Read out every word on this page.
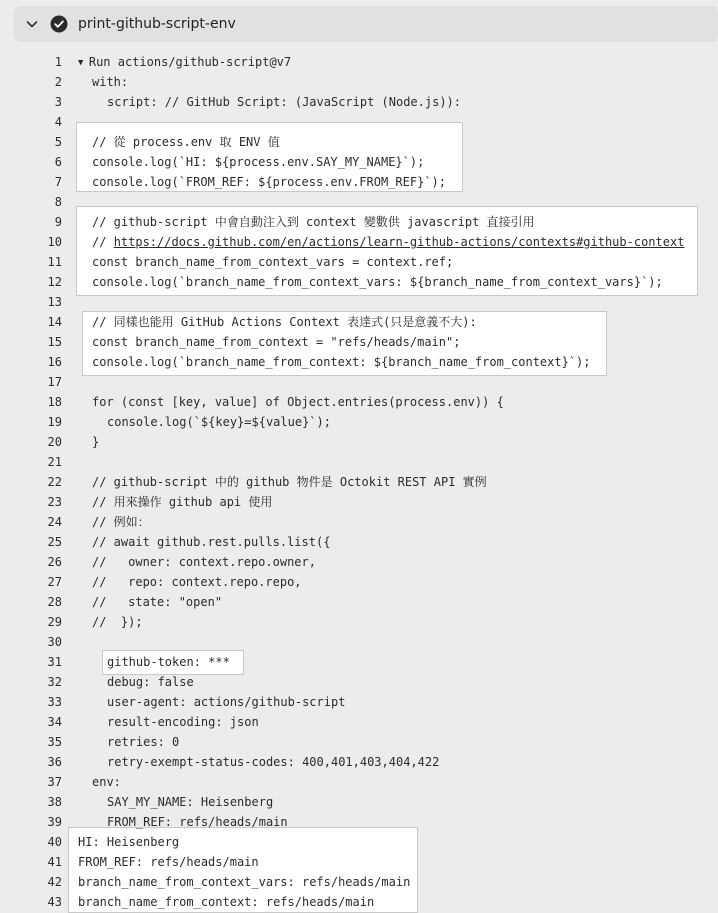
print-github-script-env
1 ▼ Run actions/github-script@v7
2	with:
3	script: // GitHub Script: (JavaScript (Node.js)):
4
5	// 從 process.env 取 ENV 值
6	console.log(`HI: ${process.env.SAY_MY_NAME}`);
7	console.log(`FROM_REF: ${process.env.FROM_REF}`);
8
9	// github-script 中會自動注入到 context 變數供 javascript 直接引用
10	// https://docs.github.com/en/actions/learn-github-actions/contexts#github-context
11	const branch_name_from_context_vars = context.ref;
12	console.log(`branch_name_from_context_vars: ${branch_name_from_context_vars}`);
13
14	// 同樣也能用 GitHub Actions Context 表達式(只是意義不大):
15	const branch_name_from_context = "refs/heads/main";
16	console.log(`branch_name_from_context: ${branch_name_from_context}`);
17
18	for (const [key, value] of Object.entries(process.env)) {
19	console.log(`${key}=${value}`);
20	}
21
22	// github-script 中的 github 物件是 Octokit REST API 實例
23	// 用來操作 github api 使用
24	// 例如：
25	// await github.rest.pulls.list({
26	//   owner: context.repo.owner,
27	//   repo: context.repo.repo,
28	//   state: "open"
29	//  });
30
31	github-token: ***
32	debug: false
33	user-agent: actions/github-script
34	result-encoding: json
35	retries: 0
36	retry-exempt-status-codes: 400,401,403,404,422
37	env:
38	SAY_MY_NAME: Heisenberg
39	FROM_REF: refs/heads/main
40 HI: Heisenberg
41 FROM_REF: refs/heads/main
42 branch_name_from_context_vars: refs/heads/main
43 branch_name_from_context: refs/heads/main
